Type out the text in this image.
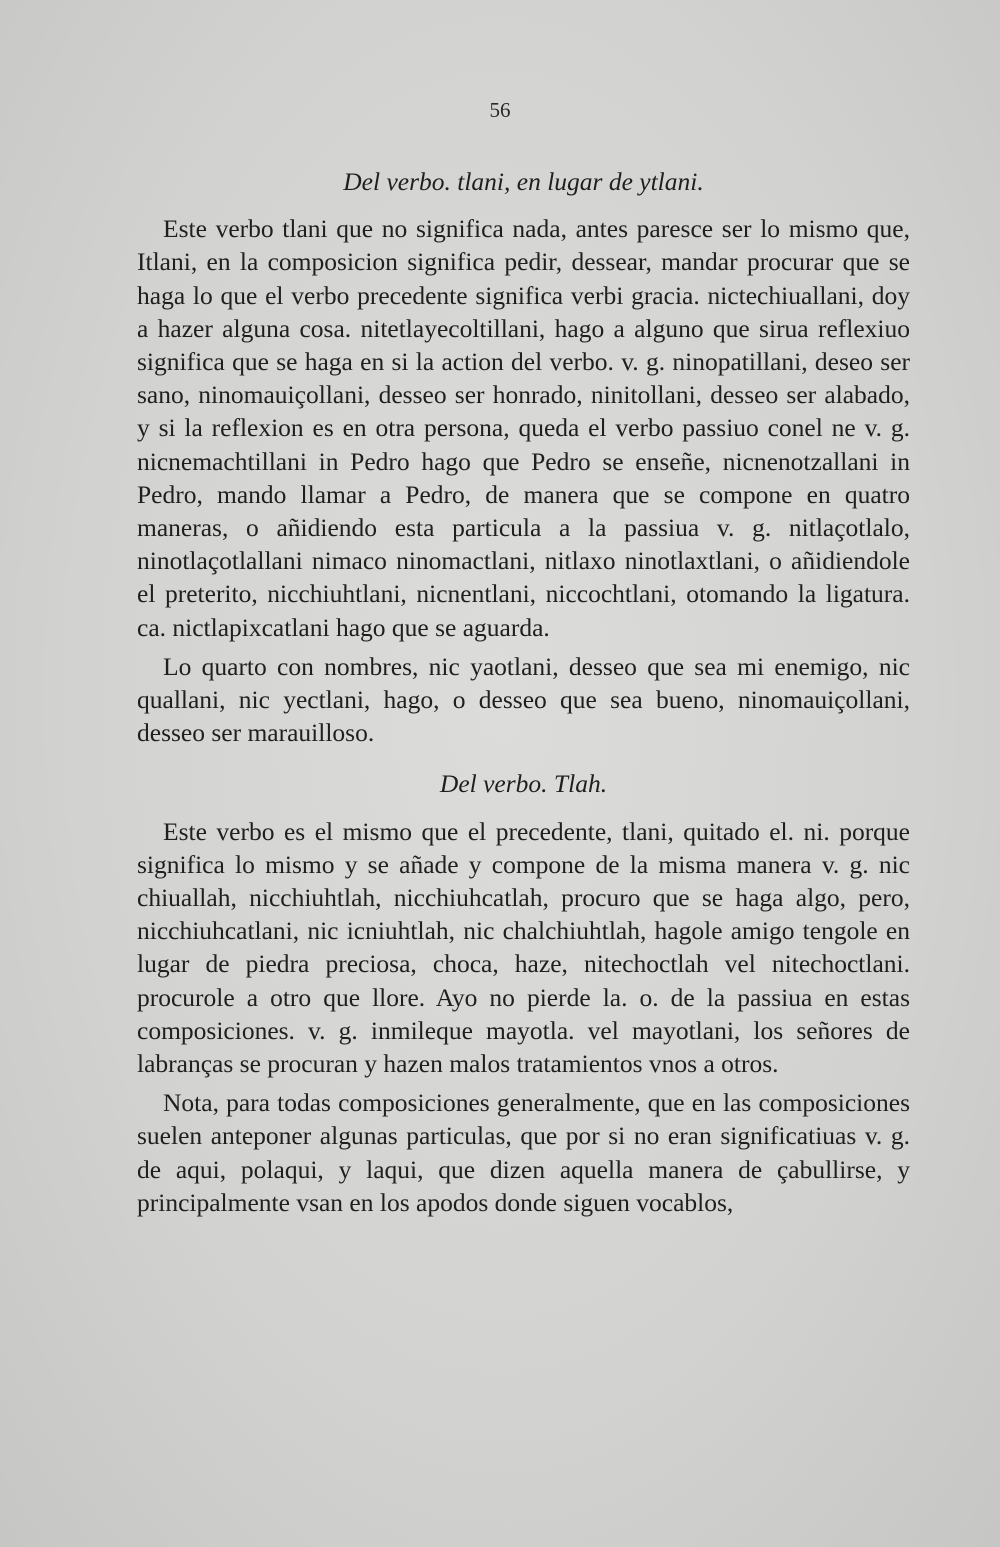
56
Del verbo. tlani, en lugar de ytlani.

Este verbo tlani que no significa nada, antes paresce ser lo mismo que, Itlani, en la composicion significa pedir, dessear, mandar procurar que se haga lo que el verbo precedente significa verbi gracia. nictechiuallani, doy a hazer alguna cosa. nitetlayecoltillani, hago a alguno que sirua reflexiuo significa que se haga en si la action del verbo. v. g. ninopatillani, deseo ser sano, ninomauiçollani, desseo ser honrado, ninitollani, desseo ser alabado, y si la reflexion es en otra persona, queda el verbo passiuo conel ne v. g. nicnemachtillani in Pedro hago que Pedro se enseñe, nicnenotzallani in Pedro, mando llamar a Pedro, de manera que se compone en quatro maneras, o añidiendo esta particula a la passiua v. g. nitlaçotlalo, ninotlaçotlallani nimaco ninomactlani, nitlaxo ninotlaxtlani, o añidiendole el preterito, nicchiuhtlani, nicnentlani, niccochtlani, otomando la ligatura. ca. nictlapixcatlani hago que se aguarda.

Lo quarto con nombres, nic yaotlani, desseo que sea mi enemigo, nic quallani, nic yectlani, hago, o desseo que sea bueno, ninomauiçollani, desseo ser marauilloso.

Del verbo. Tlah.

Este verbo es el mismo que el precedente, tlani, quitado el. ni. porque significa lo mismo y se añade y compone de la misma manera v. g. nic chiuallah, nicchiuhtlah, nicchiuhcatlah, procuro que se haga algo, pero, nicchiuhcatlani, nic icniuhtlah, nic chalchiuhtlah, hagole amigo tengole en lugar de piedra preciosa, choca, haze, nitechoctlah vel nitechoctlani. procurole a otro que llore. Ayo no pierde la. o. de la passiua en estas composiciones. v. g. inmileque mayotla. vel mayotlani, los señores de labranças se procuran y hazen malos tratamientos vnos a otros.

Nota, para todas composiciones generalmente, que en las composiciones suelen anteponer algunas particulas, que por si no eran significatiuas v. g. de aqui, polaqui, y laqui, que dizen aquella manera de çabullirse, y principalmente vsan en los apodos donde siguen vocablos,
